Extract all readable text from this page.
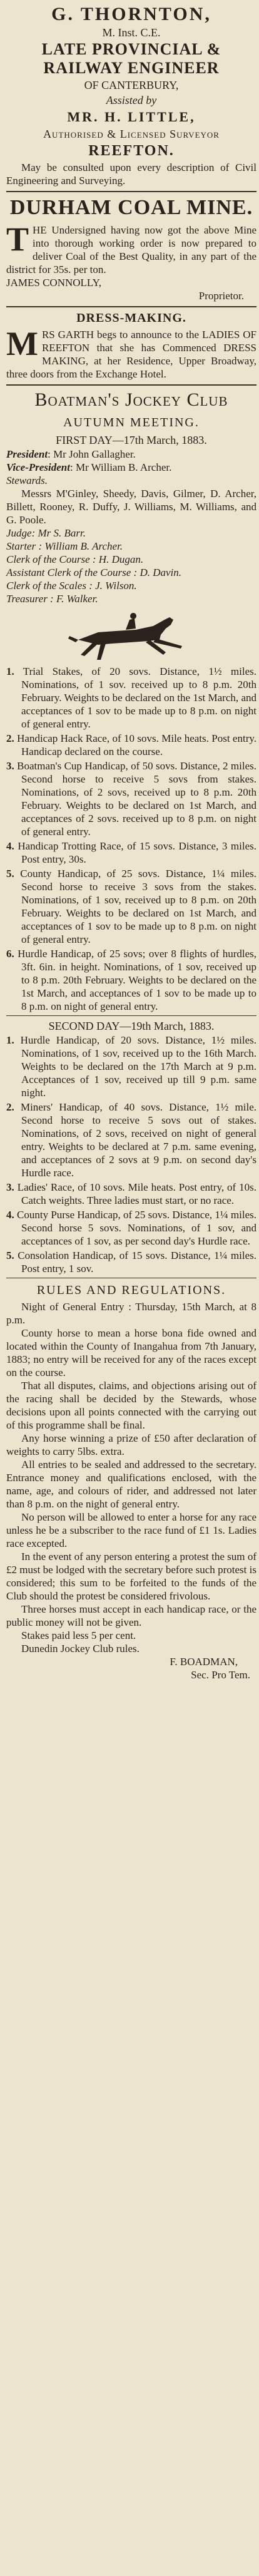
G. THORNTON,

M. Inst. C.E.

LATE PROVINCIAL & RAILWAY ENGINEER

OF CANTERBURY,

Assisted by

MR. H. LITTLE,

Authorised & Licensed Surveyor

REEFTON.

May be consulted upon every description of Civil Engineering and Surveying.

DURHAM COAL MINE.

T HE Undersigned having now got the above Mine into thorough working order is now prepared to deliver Coal of the Best Quality, in any part of the district for 35s. per ton.

JAMES CONNOLLY,

Proprietor.

DRESS-MAKING.

M RS GARTH begs to announce to the LADIES OF REEFTON that she has Commenced DRESS MAKING, at her Residence, Upper Broadway, three doors from the Exchange Hotel.

Boatman's Jockey Club

AUTUMN MEETING.

FIRST DAY—17th March, 1883.

President: Mr John Gallagher.

Vice-President: Mr William B. Archer.

Stewards.

Messrs M'Ginley, Sheedy, Davis, Gilmer, D. Archer, Billett, Rooney, R. Duffy, J. Williams, M. Williams, and G. Poole.

Judge: Mr S. Barr.

Starter : William B. Archer.

Clerk of the Course : H. Dugan.

Assistant Clerk of the Course : D. Davin.

Clerk of the Scales : J. Wilson.

Treasurer : F. Walker.

1. Trial Stakes, of 20 sovs. Distance, 1½ miles. Nominations, of 1 sov. received up to 8 p.m. 20th February. Weights to be declared on the 1st March, and acceptances of 1 sov to be made up to 8 p.m. on night of general entry.

2. Handicap Hack Race, of 10 sovs. Mile heats. Post entry. Handicap declared on the course.

3. Boatman's Cup Handicap, of 50 sovs. Distance, 2 miles. Second horse to receive 5 sovs from stakes. Nominations, of 2 sovs, received up to 8 p.m. 20th February. Weights to be declared on 1st March, and acceptances of 2 sovs. received up to 8 p.m. on night of general entry.

4. Handicap Trotting Race, of 15 sovs. Distance, 3 miles. Post entry, 30s.

5. County Handicap, of 25 sovs. Distance, 1¼ miles. Second horse to receive 3 sovs from the stakes. Nominations, of 1 sov, received up to 8 p.m. on 20th February. Weights to be declared on 1st March, and acceptances of 1 sov to be made up to 8 p.m. on night of general entry.

6. Hurdle Handicap, of 25 sovs; over 8 flights of hurdles, 3ft. 6in. in height. Nominations, of 1 sov, received up to 8 p.m. 20th February. Weights to be declared on the 1st March, and acceptances of 1 sov to be made up to 8 p.m. on night of general entry.

SECOND DAY—19th March, 1883.

1. Hurdle Handicap, of 20 sovs. Distance, 1½ miles. Nominations, of 1 sov, received up to the 16th March. Weights to be declared on the 17th March at 9 p.m. Acceptances of 1 sov, received up till 9 p.m. same night.

2. Miners' Handicap, of 40 sovs. Distance, 1½ mile. Second horse to receive 5 sovs out of stakes. Nominations, of 2 sovs, received on night of general entry. Weights to be declared at 7 p.m. same evening, and acceptances of 2 sovs at 9 p.m. on second day's Hurdle race.

3. Ladies' Race, of 10 sovs. Mile heats. Post entry, of 10s. Catch weights. Three ladies must start, or no race.

4. County Purse Handicap, of 25 sovs. Distance, 1¼ miles. Second horse 5 sovs. Nominations, of 1 sov, and acceptances of 1 sov, as per second day's Hurdle race.

5. Consolation Handicap, of 15 sovs. Distance, 1¼ miles. Post entry, 1 sov.

RULES AND REGULATIONS.

Night of General Entry : Thursday, 15th March, at 8 p.m.

County horse to mean a horse bona fide owned and located within the County of Inangahua from 7th January, 1883; no entry will be received for any of the races except on the course.

That all disputes, claims, and objections arising out of the racing shall be decided by the Stewards, whose decisions upon all points connected with the carrying out of this programme shall be final.

Any horse winning a prize of £50 after declaration of weights to carry 5lbs. extra.

All entries to be sealed and addressed to the secretary. Entrance money and qualifications enclosed, with the name, age, and colours of rider, and addressed not later than 8 p.m. on the night of general entry.

No person will be allowed to enter a horse for any race unless he be a subscriber to the race fund of £1 1s. Ladies race excepted.

In the event of any person entering a protest the sum of £2 must be lodged with the secretary before such protest is considered; this sum to be forfeited to the funds of the Club should the protest be considered frivolous.

Three horses must accept in each handicap race, or the public money will not be given.

Stakes paid less 5 per cent.

Dunedin Jockey Club rules.

F. BOADMAN,

Sec. Pro Tem.
